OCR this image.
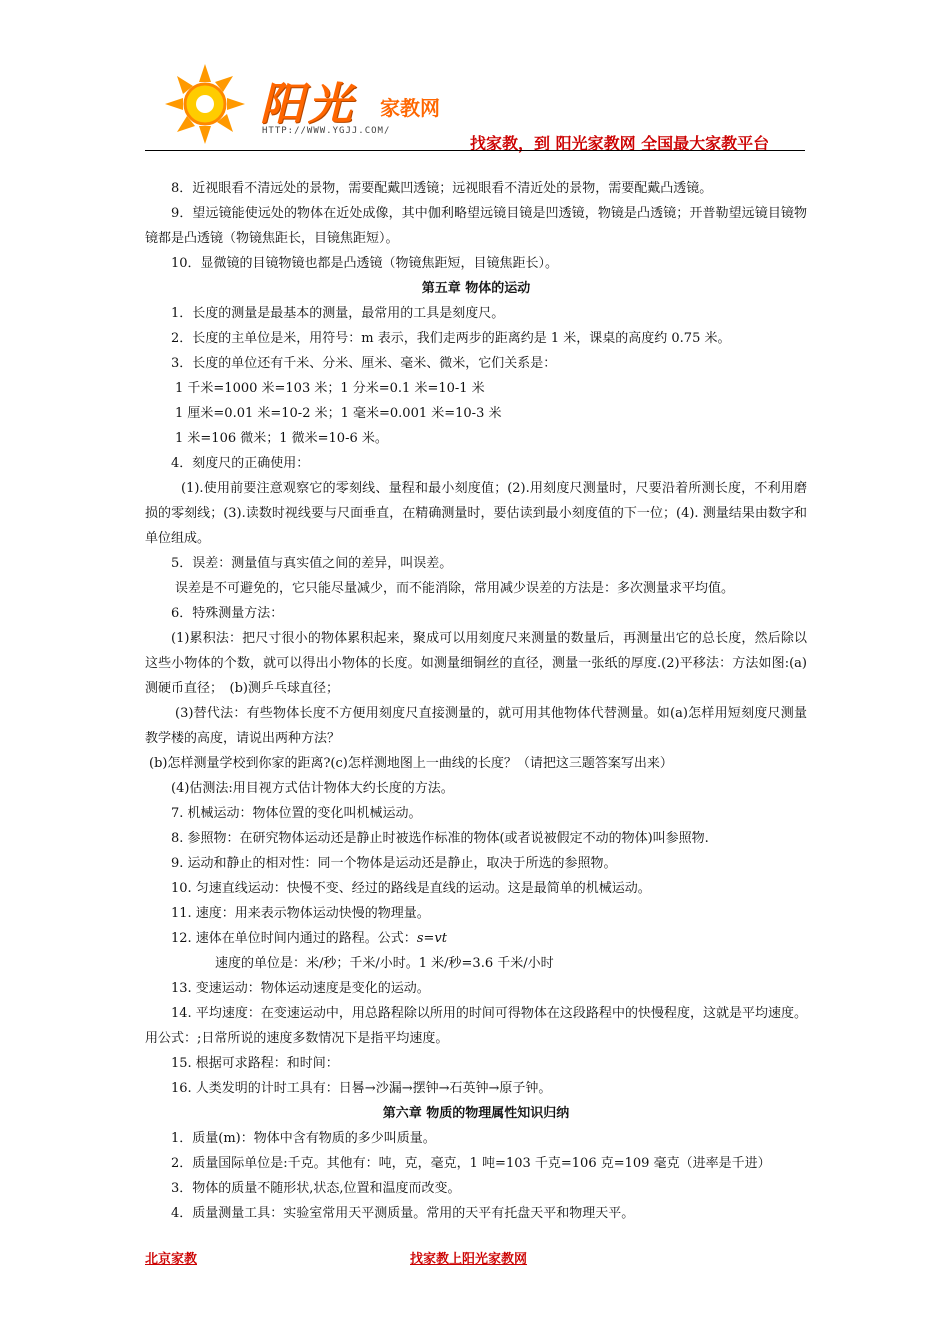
阳光 家教网
HTTP://WWW.YGJJ.COM/
找家教，到 阳光家教网 全国最大家教平台

8．近视眼看不清远处的景物，需要配戴凹透镜；远视眼看不清近处的景物，需要配戴凸透镜。

9．望远镜能使远处的物体在近处成像，其中伽利略望远镜目镜是凹透镜，物镜是凸透镜；开普勒望远镜目镜物镜都是凸透镜（物镜焦距长，目镜焦距短）。

10．显微镜的目镜物镜也都是凸透镜（物镜焦距短，目镜焦距长）。

第五章 物体的运动

1．长度的测量是最基本的测量，最常用的工具是刻度尺。

2．长度的主单位是米，用符号：m 表示，我们走两步的距离约是 1 米，课桌的高度约 0.75 米。

3．长度的单位还有千米、分米、厘米、毫米、微米，它们关系是：

1 千米=1000 米=103 米；1 分米=0.1 米=10-1 米

1 厘米=0.01 米=10-2 米；1 毫米=0.001 米=10-3 米

1 米=106 微米；1 微米=10-6 米。

4．刻度尺的正确使用：

(1).使用前要注意观察它的零刻线、量程和最小刻度值；(2).用刻度尺测量时，尺要沿着所测长度，不利用磨损的零刻线；(3).读数时视线要与尺面垂直，在精确测量时，要估读到最小刻度值的下一位；(4). 测量结果由数字和单位组成。

5．误差：测量值与真实值之间的差异，叫误差。

误差是不可避免的，它只能尽量减少，而不能消除，常用减少误差的方法是：多次测量求平均值。

6．特殊测量方法：

(1)累积法：把尺寸很小的物体累积起来，聚成可以用刻度尺来测量的数量后，再测量出它的总长度，然后除以这些小物体的个数，就可以得出小物体的长度。如测量细铜丝的直径，测量一张纸的厚度.(2)平移法：方法如图:(a)测硬币直径；　(b)测乒乓球直径；

(3)替代法：有些物体长度不方便用刻度尺直接测量的，就可用其他物体代替测量。如(a)怎样用短刻度尺测量教学楼的高度，请说出两种方法？

(b)怎样测量学校到你家的距离?(c)怎样测地图上一曲线的长度？（请把这三题答案写出来）

(4)估测法:用目视方式估计物体大约长度的方法。

7. 机械运动：物体位置的变化叫机械运动。

8. 参照物：在研究物体运动还是静止时被选作标准的物体(或者说被假定不动的物体)叫参照物.

9. 运动和静止的相对性：同一个物体是运动还是静止，取决于所选的参照物。

10. 匀速直线运动：快慢不变、经过的路线是直线的运动。这是最简单的机械运动。

11. 速度：用来表示物体运动快慢的物理量。

12. 速体在单位时间内通过的路程。公式：s=vt

速度的单位是：米/秒；千米/小时。1 米/秒=3.6 千米/小时

13. 变速运动：物体运动速度是变化的运动。

14. 平均速度：在变速运动中，用总路程除以所用的时间可得物体在这段路程中的快慢程度，这就是平均速度。用公式：;日常所说的速度多数情况下是指平均速度。

15. 根据可求路程：和时间：

16. 人类发明的计时工具有：日晷→沙漏→摆钟→石英钟→原子钟。

第六章 物质的物理属性知识归纳

1．质量(m)：物体中含有物质的多少叫质量。

2．质量国际单位是:千克。其他有：吨，克，毫克，1 吨=103 千克=106 克=109 毫克（进率是千进）

3．物体的质量不随形状,状态,位置和温度而改变。

4．质量测量工具：实验室常用天平测质量。常用的天平有托盘天平和物理天平。

北京家教	找家教上阳光家教网
